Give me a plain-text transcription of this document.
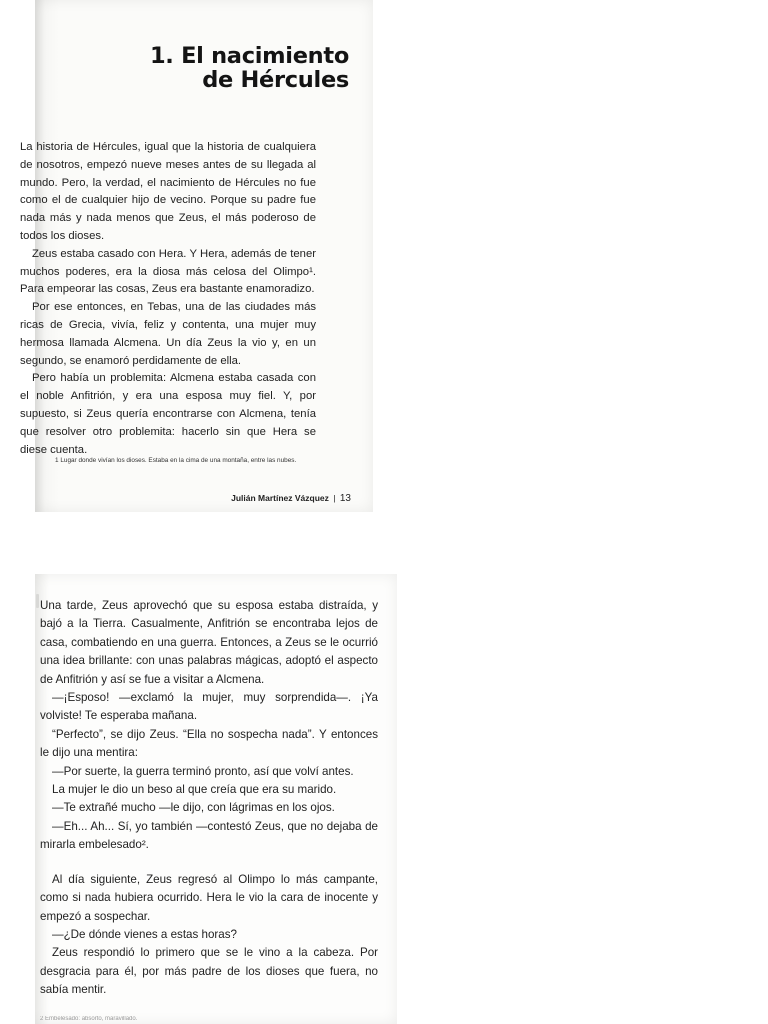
1. El nacimiento
de Hércules
1 Lugar donde vivían los dioses. Estaba en la cima de una montaña, entre las nubes.
Julián Martínez Vázquez | 13

La historia de Hércules, igual que la historia de cualquiera de nosotros, empezó nueve meses antes de su llegada al mundo. Pero, la verdad, el nacimiento de Hércules no fue como el de cualquier hijo de vecino. Porque su padre fue nada más y nada menos que Zeus, el más poderoso de todos los dioses.

Zeus estaba casado con Hera. Y Hera, además de tener muchos poderes, era la diosa más celosa del Olimpo¹. Para empeorar las cosas, Zeus era bastante enamoradizo.

Por ese entonces, en Tebas, una de las ciudades más ricas de Grecia, vivía, feliz y contenta, una mujer muy hermosa llamada Alcmena. Un día Zeus la vio y, en un segundo, se enamoró perdidamente de ella.

Pero había un problemita: Alcmena estaba casada con el noble Anfitrión, y era una esposa muy fiel. Y, por supuesto, si Zeus quería encontrarse con Alcmena, tenía que resolver otro problemita: hacerlo sin que Hera se diese cuenta.

Una tarde, Zeus aprovechó que su esposa estaba distraída, y bajó a la Tierra. Casualmente, Anfitrión se encontraba lejos de casa, combatiendo en una guerra. Entonces, a Zeus se le ocurrió una idea brillante: con unas palabras mágicas, adoptó el aspecto de Anfitrión y así se fue a visitar a Alcmena.

—¡Esposo! —exclamó la mujer, muy sorprendida—. ¡Ya volviste! Te esperaba mañana.

“Perfecto”, se dijo Zeus. “Ella no sospecha nada”. Y entonces le dijo una mentira:

—Por suerte, la guerra terminó pronto, así que volví antes.

La mujer le dio un beso al que creía que era su marido.

—Te extrañé mucho —le dijo, con lágrimas en los ojos.

—Eh... Ah... Sí, yo también —contestó Zeus, que no dejaba de mirarla embelesado².

Al día siguiente, Zeus regresó al Olimpo lo más campante, como si nada hubiera ocurrido. Hera le vio la cara de inocente y empezó a sospechar.

—¿De dónde vienes a estas horas?

Zeus respondió lo primero que se le vino a la cabeza. Por desgracia para él, por más padre de los dioses que fuera, no sabía mentir.

2 Embelesado: absorto, maravillado.
